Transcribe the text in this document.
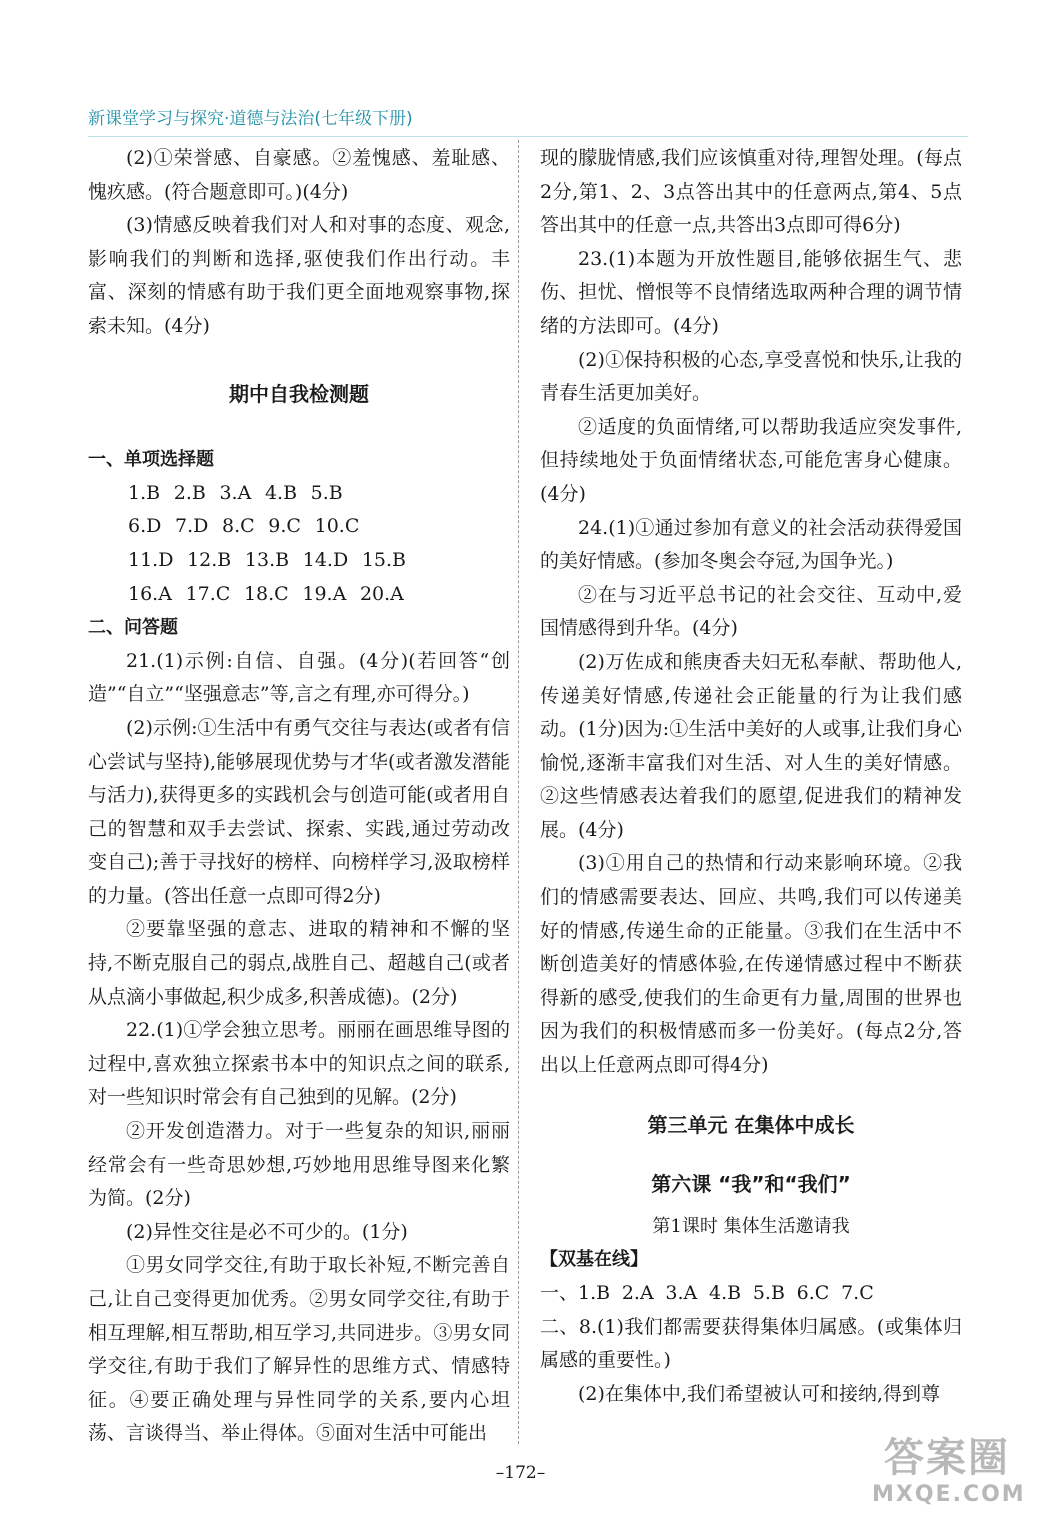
新课堂学习与探究·道德与法治(七年级下册)

(2)①荣誉感、自豪感。②羞愧感、羞耻感、愧疚感。(符合题意即可。)(4分)

(3)情感反映着我们对人和对事的态度、观念,影响我们的判断和选择,驱使我们作出行动。丰富、深刻的情感有助于我们更全面地观察事物,探索未知。(4分)

期中自我检测题

一、单项选择题

1.B 2.B 3.A 4.B 5.B

6.D 7.D 8.C 9.C 10.C

11.D 12.B 13.B 14.D 15.B

16.A 17.C 18.C 19.A 20.A

二、问答题

21.(1)示例:自信、自强。(4分)(若回答“创造”“自立”“坚强意志”等,言之有理,亦可得分。)

(2)示例:①生活中有勇气交往与表达(或者有信心尝试与坚持),能够展现优势与才华(或者激发潜能与活力),获得更多的实践机会与创造可能(或者用自己的智慧和双手去尝试、探索、实践,通过劳动改变自己);善于寻找好的榜样、向榜样学习,汲取榜样的力量。(答出任意一点即可得2分)

②要靠坚强的意志、进取的精神和不懈的坚持,不断克服自己的弱点,战胜自己、超越自己(或者从点滴小事做起,积少成多,积善成德)。(2分)

22.(1)①学会独立思考。丽丽在画思维导图的过程中,喜欢独立探索书本中的知识点之间的联系,对一些知识时常会有自己独到的见解。(2分)

②开发创造潜力。对于一些复杂的知识,丽丽经常会有一些奇思妙想,巧妙地用思维导图来化繁为简。(2分)

(2)异性交往是必不可少的。(1分)

①男女同学交往,有助于取长补短,不断完善自己,让自己变得更加优秀。②男女同学交往,有助于相互理解,相互帮助,相互学习,共同进步。③男女同学交往,有助于我们了解异性的思维方式、情感特征。④要正确处理与异性同学的关系,要内心坦荡、言谈得当、举止得体。⑤面对生活中可能出

现的朦胧情感,我们应该慎重对待,理智处理。(每点2分,第1、2、3点答出其中的任意两点,第4、5点答出其中的任意一点,共答出3点即可得6分)

23.(1)本题为开放性题目,能够依据生气、悲伤、担忧、憎恨等不良情绪选取两种合理的调节情绪的方法即可。(4分)

(2)①保持积极的心态,享受喜悦和快乐,让我的青春生活更加美好。

②适度的负面情绪,可以帮助我适应突发事件,但持续地处于负面情绪状态,可能危害身心健康。(4分)

24.(1)①通过参加有意义的社会活动获得爱国的美好情感。(参加冬奥会夺冠,为国争光。)

②在与习近平总书记的社会交往、互动中,爱国情感得到升华。(4分)

(2)万佐成和熊庚香夫妇无私奉献、帮助他人,传递美好情感,传递社会正能量的行为让我们感动。(1分)因为:①生活中美好的人或事,让我们身心愉悦,逐渐丰富我们对生活、对人生的美好情感。②这些情感表达着我们的愿望,促进我们的精神发展。(4分)

(3)①用自己的热情和行动来影响环境。②我们的情感需要表达、回应、共鸣,我们可以传递美好的情感,传递生命的正能量。③我们在生活中不断创造美好的情感体验,在传递情感过程中不断获得新的感受,使我们的生命更有力量,周围的世界也因为我们的积极情感而多一份美好。(每点2分,答出以上任意两点即可得4分)

第三单元 在集体中成长

第六课 “我”和“我们”

第1课时 集体生活邀请我

【双基在线】

一、1.B 2.A 3.A 4.B 5.B 6.C 7.C

二、8.(1)我们都需要获得集体归属感。(或集体归属感的重要性。)

(2)在集体中,我们希望被认可和接纳,得到尊

–172–	答案圈
MXQE.COM
